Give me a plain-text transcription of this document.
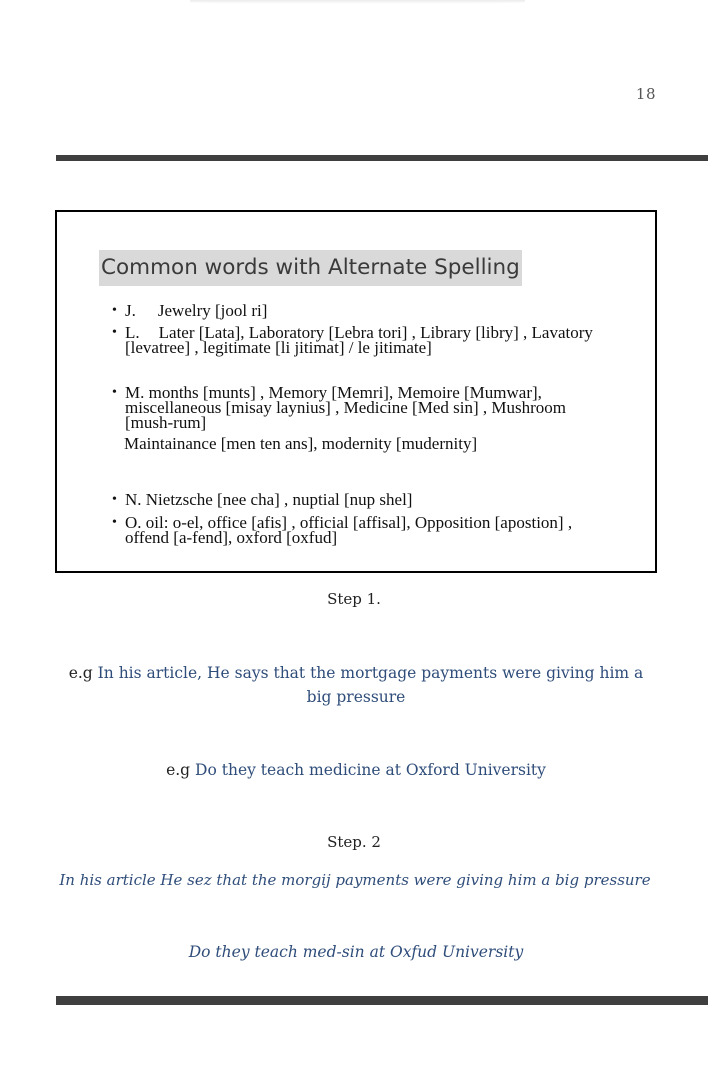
18
Common words with Alternate Spelling
• J. Jewelry [jool ri]
• L. Later [Lata], Laboratory [Lebra tori] , Library [libry] , Lavatory [levatree] , legitimate [li jitimat] / le jitimate]
• M. months [munts] , Memory [Memri], Memoire [Mumwar], miscellaneous [misay laynius] , Medicine [Med sin] , Mushroom [mush-rum]
Maintainance [men ten ans], modernity [mudernity]
• N. Nietzsche [nee cha] , nuptial [nup shel]
• O. oil: o-el, office [afis] , official [affisal], Opposition [apostion] , offend [a-fend], oxford [oxfud]
Step 1.
e.g In his article, He says that the mortgage payments were giving him a big pressure
e.g Do they teach medicine at Oxford University
Step. 2
In his article He sez that the morgij payments were giving him a big pressure
Do they teach med-sin at Oxfud University
